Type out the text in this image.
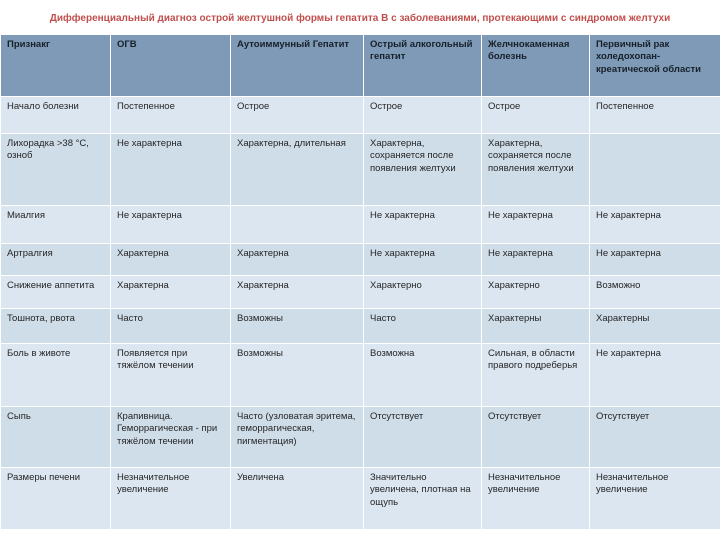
Дифференциальный диагноз острой желтушной формы гепатита В с заболеваниями, протекающими с синдромом желтухи
Признакг	ОГВ	Аутоиммунный Гепатит	Острый алкогольный гепатит	Желчнокаменная болезнь	Первичный рак холедохопан- креатической области
Начало болезни	Постепенное	Острое	Острое	Острое	Постепенное
Лихорадка >38 °С, озноб	Не характерна	Характерна, длительная	Характерна, сохраняется после появления желтухи	Характерна, сохраняется после появления желтухи	
Миалгия	Не характерна		Не характерна	Не характерна	Не характерна
Артралгия	Характерна	Характерна	Не характерна	Не характерна	Не характерна
Снижение аппетита	Характерна	Характерна	Характерно	Характерно	Возможно
Тошнота, рвота	Часто	Возможны	Часто	Характерны	Характерны
Боль в животе	Появляется при тяжёлом течении	Возможны	Возможна	Сильная, в области правого подреберья	Не характерна
Сыпь	Крапивница. Геморрагическая - при тяжёлом течении	Часто (узловатая эритема, геморрагическая, пигментация)	Отсутствует	Отсутствует	Отсутствует
Размеры печени	Незначительное увеличение	Увеличена	Значительно увеличена, плотная на ощупь	Незначительное увеличение	Незначительное увеличение
